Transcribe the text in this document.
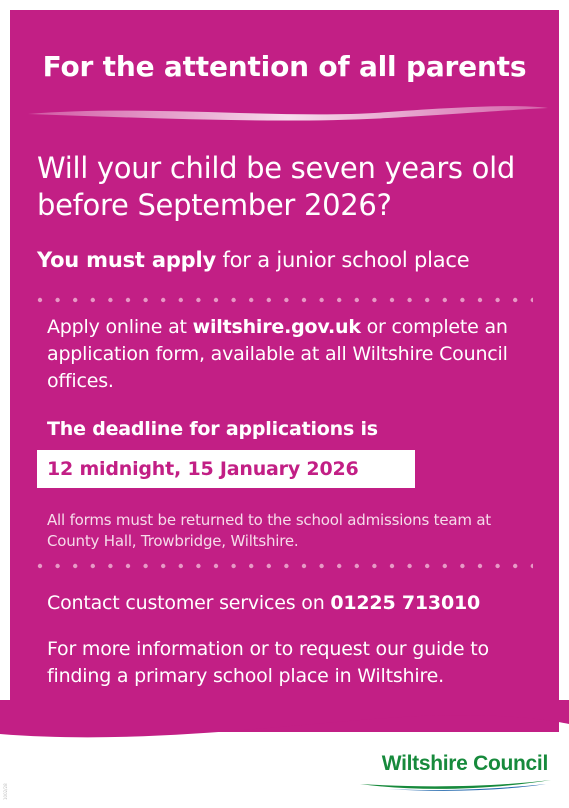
For the attention of all parents
Will your child be seven years old before September 2026?
You must apply for a junior school place
Apply online at wiltshire.gov.uk or complete an application form, available at all Wiltshire Council offices.
The deadline for applications is
12 midnight, 15 January 2026
All forms must be returned to the school admissions team at County Hall, Trowbridge, Wiltshire.
Contact customer services on 01225 713010
For more information or to request our guide to finding a primary school place in Wiltshire.
Wiltshire Council
1002/28
